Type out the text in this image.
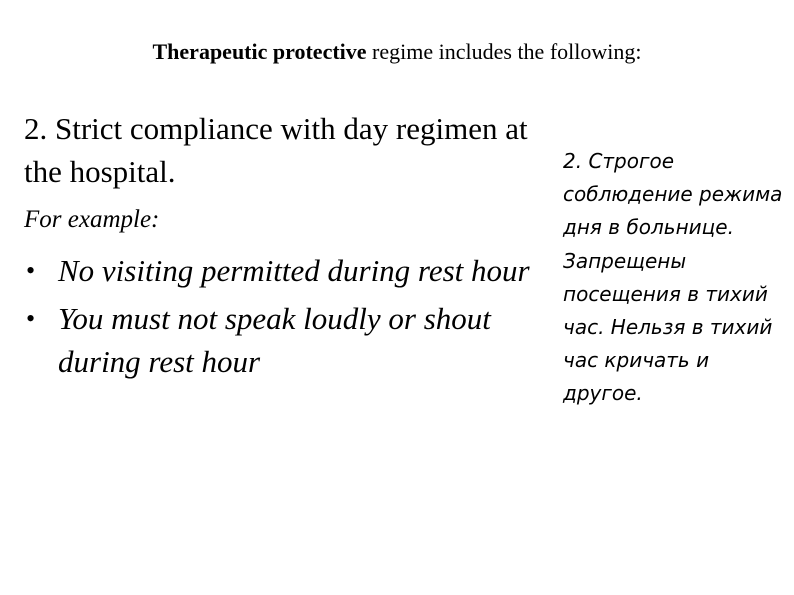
Therapeutic protective regime includes the following:

2. Strict compliance with day regimen at the hospital.

For example:
• No visiting permitted during rest hour
• You must not speak loudly or shout during rest hour

2. Строгое соблюдение режима дня в больнице.

Запрещены посещения в тихий час. Нельзя в тихий час кричать и другое.
